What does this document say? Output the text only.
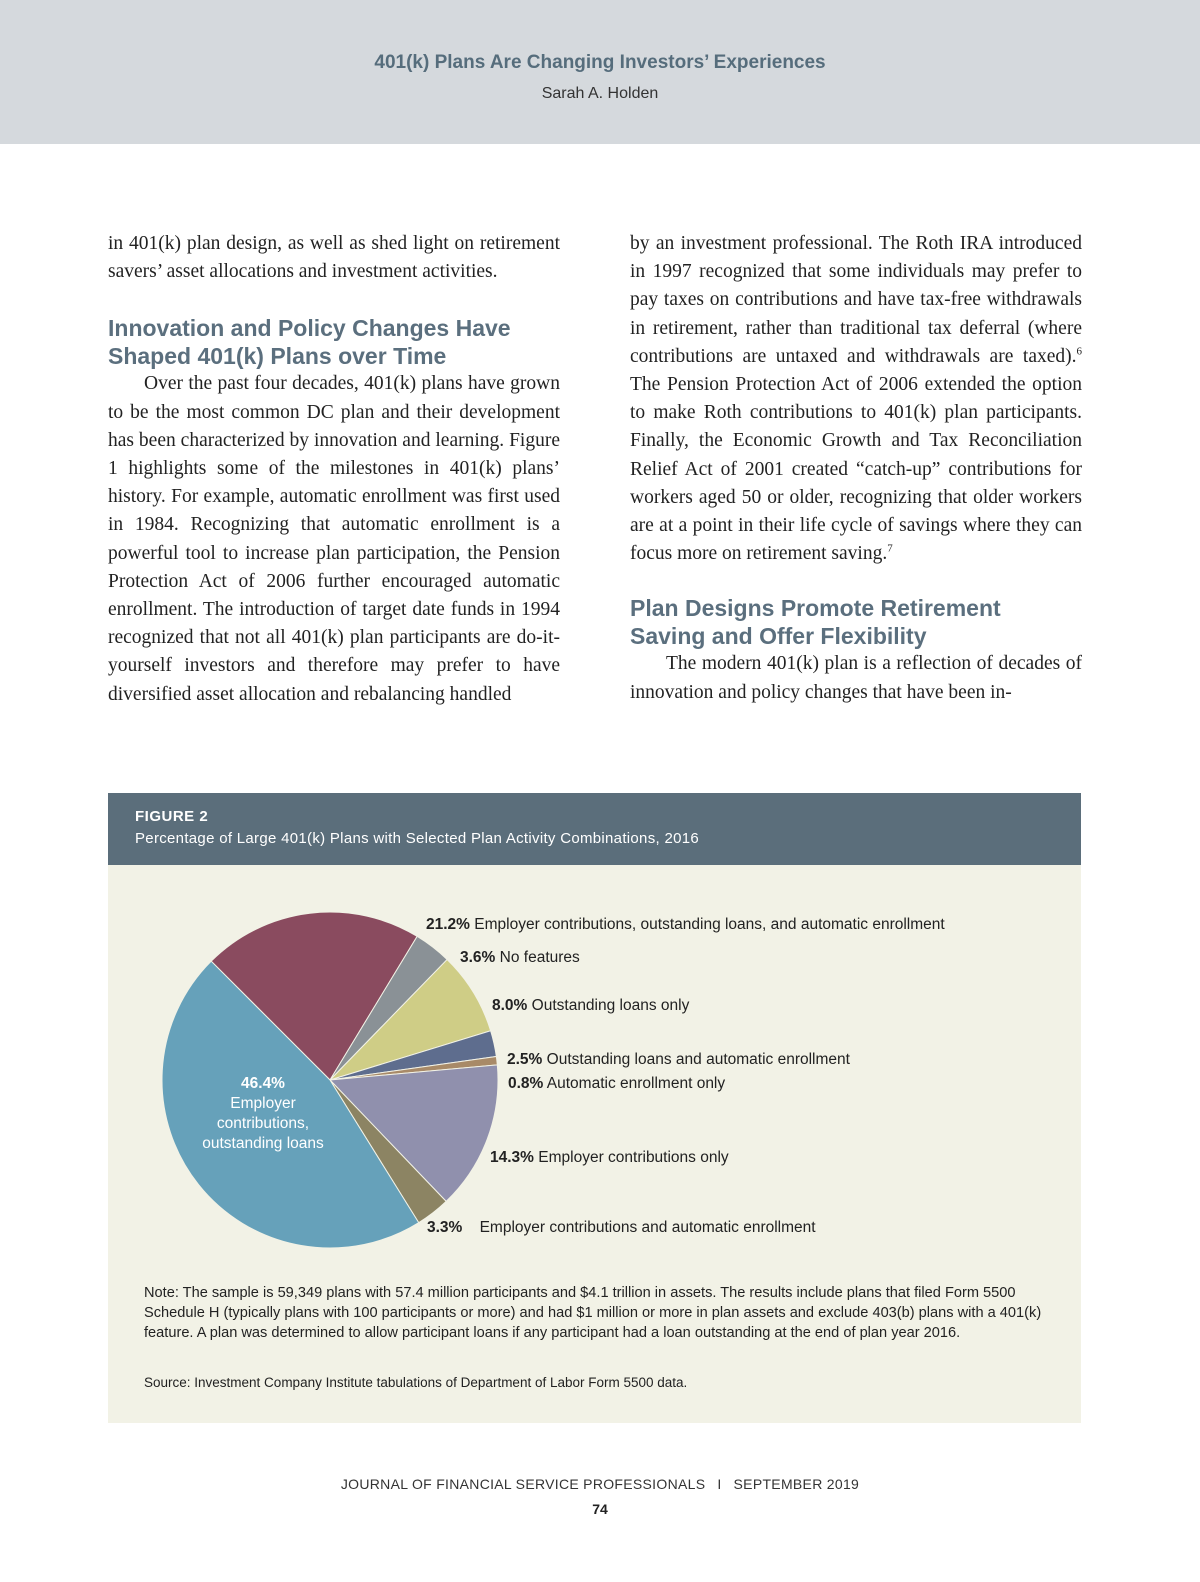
401(k) Plans Are Changing Investors’ Experiences
Sarah A. Holden

in 401(k) plan design, as well as shed light on retirement savers’ asset allocations and investment activities.

Innovation and Policy Changes Have Shaped 401(k) Plans over Time

Over the past four decades, 401(k) plans have grown to be the most common DC plan and their development has been characterized by innovation and learning. Figure 1 highlights some of the milestones in 401(k) plans’ history. For example, automatic enrollment was first used in 1984. Recognizing that automatic enrollment is a powerful tool to increase plan participation, the Pension Protection Act of 2006 further encouraged automatic enrollment. The introduction of target date funds in 1994 recognized that not all 401(k) plan participants are do-it-yourself investors and therefore may prefer to have diversified asset allocation and rebalancing handled

by an investment professional. The Roth IRA introduced in 1997 recognized that some individuals may prefer to pay taxes on contributions and have tax-free withdrawals in retirement, rather than traditional tax deferral (where contributions are untaxed and withdrawals are taxed).$^6$ The Pension Protection Act of 2006 extended the option to make Roth contributions to 401(k) plan participants. Finally, the Economic Growth and Tax Reconciliation Relief Act of 2001 created “catch-up” contributions for workers aged 50 or older, recognizing that older workers are at a point in their life cycle of savings where they can focus more on retirement saving.$^7$

Plan Designs Promote Retirement Saving and Offer Flexibility

The modern 401(k) plan is a reflection of decades of innovation and policy changes that have been in-

FIGURE 2
Percentage of Large 401(k) Plans with Selected Plan Activity Combinations, 2016
21.2% Employer contributions, outstanding loans, and automatic enrollment
3.6% No features
8.0% Outstanding loans only
2.5% Outstanding loans and automatic enrollment
0.8% Automatic enrollment only
14.3% Employer contributions only
3.3% Employer contributions and automatic enrollment
46.4%
Employer contributions, outstanding loans
Note: The sample is 59,349 plans with 57.4 million participants and $4.1 trillion in assets. The results include plans that filed Form 5500 Schedule H (typically plans with 100 participants or more) and had $1 million or more in plan assets and exclude 403(b) plans with a 401(k) feature. A plan was determined to allow participant loans if any participant had a loan outstanding at the end of plan year 2016.
Source: Investment Company Institute tabulations of Department of Labor Form 5500 data.
JOURNAL OF FINANCIAL SERVICE PROFESSIONALS I SEPTEMBER 2019
74
